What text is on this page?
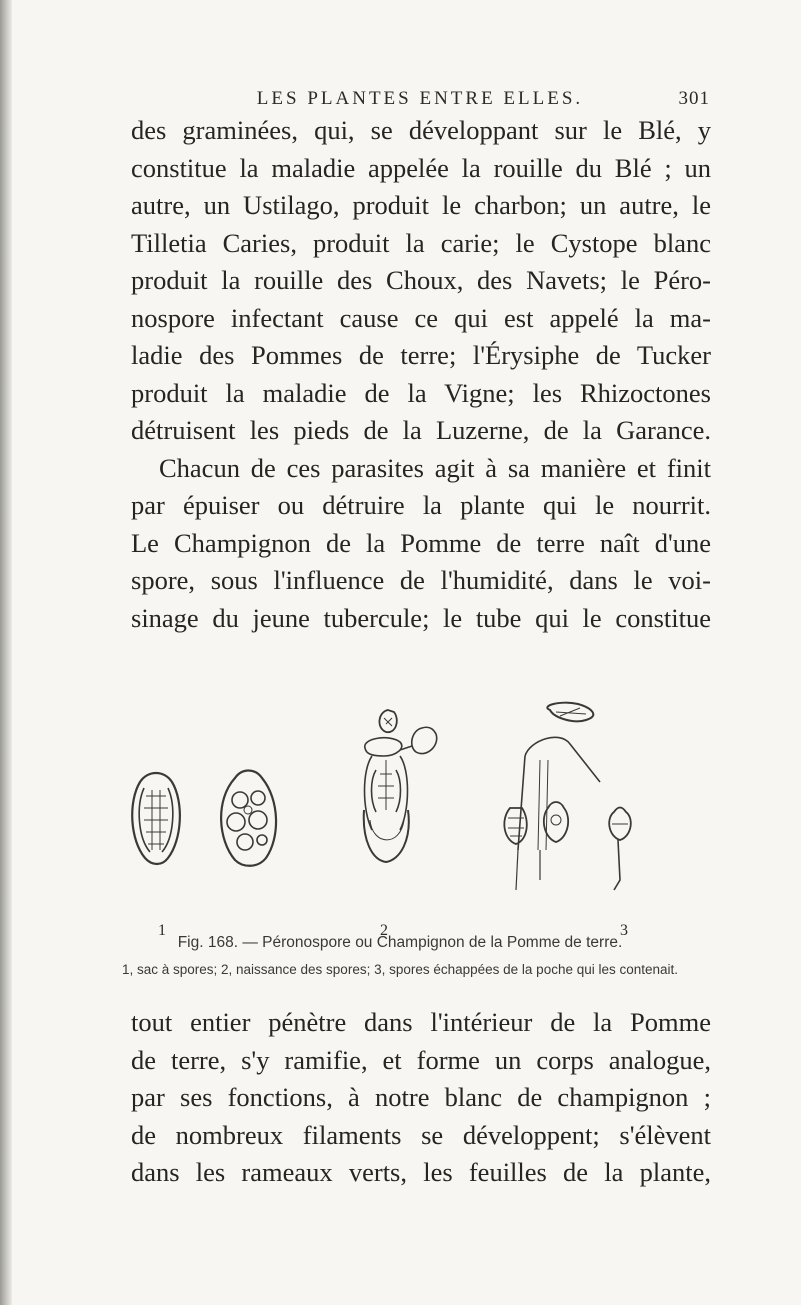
LES PLANTES ENTRE ELLES.	301
des graminées, qui, se développant sur le Blé, y
constitue la maladie appelée la rouille du Blé ; un
autre, un Ustilago, produit le charbon; un autre, le
Tilletia Caries, produit la carie; le Cystope blanc
produit la rouille des Choux, des Navets; le Péro-
nospore infectant cause ce qui est appelé la ma-
ladie des Pommes de terre; l'Érysiphe de Tucker
produit la maladie de la Vigne; les Rhizoctones
détruisent les pieds de la Luzerne, de la Garance.
Chacun de ces parasites agit à sa manière et finit
par épuiser ou détruire la plante qui le nourrit.
Le Champignon de la Pomme de terre naît d'une
spore, sous l'influence de l'humidité, dans le voi-
sinage du jeune tubercule; le tube qui le constitue
1	2	3
Fig. 168. — Péronospore ou Champignon de la Pomme de terre.
1, sac à spores; 2, naissance des spores; 3, spores échappées de la poche qui les contenait.
tout entier pénètre dans l'intérieur de la Pomme
de terre, s'y ramifie, et forme un corps analogue,
par ses fonctions, à notre blanc de champignon ;
de nombreux filaments se développent; s'élèvent
dans les rameaux verts, les feuilles de la plante,
